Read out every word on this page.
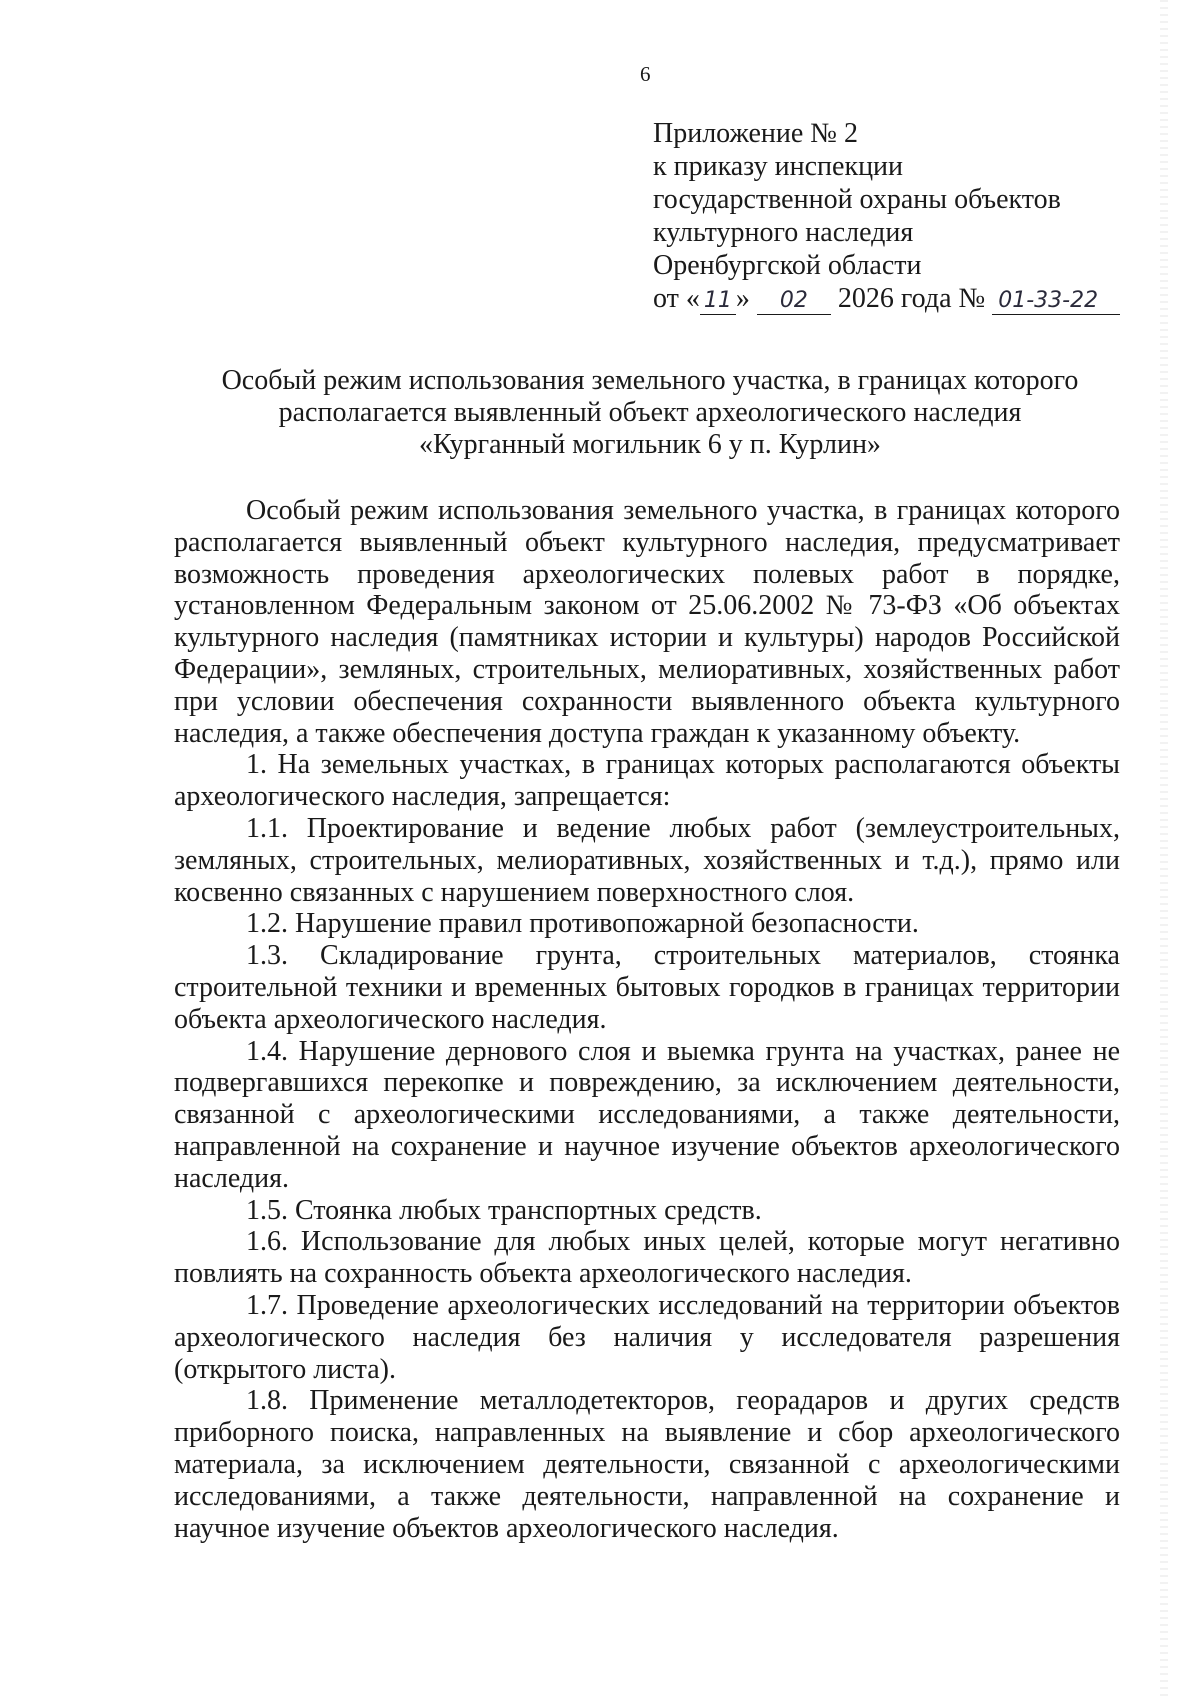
6
Приложение № 2
к приказу инспекции
государственной охраны объектов
культурного наследия
Оренбургской области
от « 11 » 02 2026 года № 01-33-22
Особый режим использования земельного участка, в границах которого
располагается выявленный объект археологического наследия
«Курганный могильник 6 у п. Курлин»

Особый режим использования земельного участка, в границах которого располагается выявленный объект культурного наследия, предусматривает возможность проведения археологических полевых работ в порядке, установленном Федеральным законом от 25.06.2002 № 73-ФЗ «Об объектах культурного наследия (памятниках истории и культуры) народов Российской Федерации», земляных, строительных, мелиоративных, хозяйственных работ при условии обеспечения сохранности выявленного объекта культурного наследия, а также обеспечения доступа граждан к указанному объекту.

1. На земельных участках, в границах которых располагаются объекты археологического наследия, запрещается:

1.1. Проектирование и ведение любых работ (землеустроительных, земляных, строительных, мелиоративных, хозяйственных и т.д.), прямо или косвенно связанных с нарушением поверхностного слоя.

1.2. Нарушение правил противопожарной безопасности.

1.3. Складирование грунта, строительных материалов, стоянка строительной техники и временных бытовых городков в границах территории объекта археологического наследия.

1.4. Нарушение дернового слоя и выемка грунта на участках, ранее не подвергавшихся перекопке и повреждению, за исключением деятельности, связанной с археологическими исследованиями, а также деятельности, направленной на сохранение и научное изучение объектов археологического наследия.

1.5. Стоянка любых транспортных средств.

1.6. Использование для любых иных целей, которые могут негативно повлиять на сохранность объекта археологического наследия.

1.7. Проведение археологических исследований на территории объектов археологического наследия без наличия у исследователя разрешения (открытого листа).

1.8. Применение металлодетекторов, георадаров и других средств приборного поиска, направленных на выявление и сбор археологического материала, за исключением деятельности, связанной с археологическими исследованиями, а также деятельности, направленной на сохранение и научное изучение объектов археологического наследия.
